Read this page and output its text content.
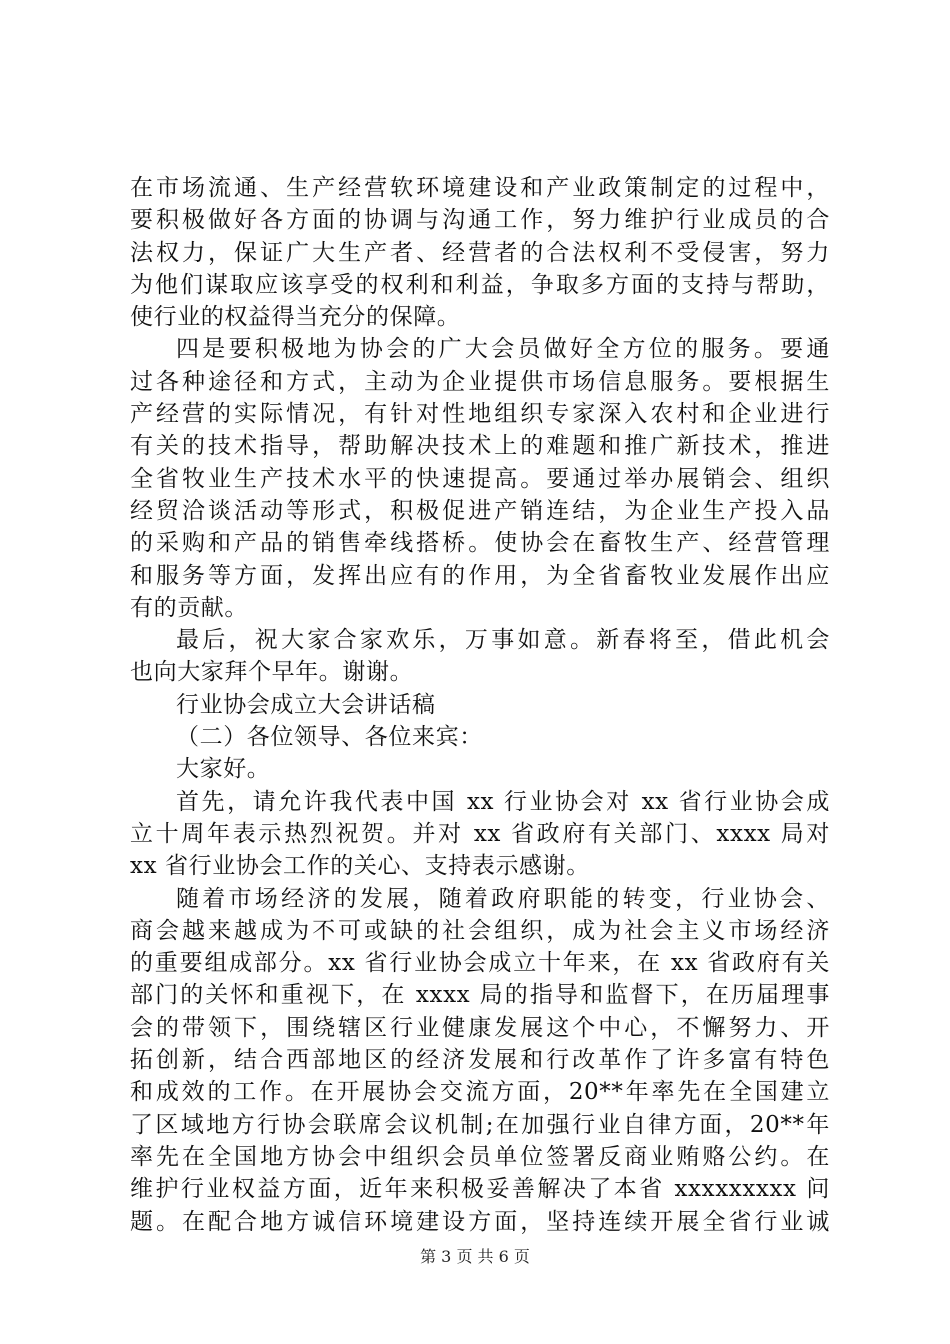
在市场流通、生产经营软环境建设和产业政策制定的过程中，
要积极做好各方面的协调与沟通工作，努力维护行业成员的合
法权力，保证广大生产者、经营者的合法权利不受侵害，努力
为他们谋取应该享受的权利和利益，争取多方面的支持与帮助，
使行业的权益得当充分的保障。
四是要积极地为协会的广大会员做好全方位的服务。要通
过各种途径和方式，主动为企业提供市场信息服务。要根据生
产经营的实际情况，有针对性地组织专家深入农村和企业进行
有关的技术指导，帮助解决技术上的难题和推广新技术，推进
全省牧业生产技术水平的快速提高。要通过举办展销会、组织
经贸洽谈活动等形式，积极促进产销连结，为企业生产投入品
的采购和产品的销售牵线搭桥。使协会在畜牧生产、经营管理
和服务等方面，发挥出应有的作用，为全省畜牧业发展作出应
有的贡献。
最后，祝大家合家欢乐，万事如意。新春将至，借此机会
也向大家拜个早年。谢谢。
行业协会成立大会讲话稿
（二）各位领导、各位来宾：
大家好。
首先，请允许我代表中国 xx 行业协会对 xx 省行业协会成
立十周年表示热烈祝贺。并对 xx 省政府有关部门、xxxx 局对
xx 省行业协会工作的关心、支持表示感谢。
随着市场经济的发展，随着政府职能的转变，行业协会、
商会越来越成为不可或缺的社会组织，成为社会主义市场经济
的重要组成部分。xx 省行业协会成立十年来，在 xx 省政府有关
部门的关怀和重视下，在 xxxx 局的指导和监督下，在历届理事
会的带领下，围绕辖区行业健康发展这个中心，不懈努力、开
拓创新，结合西部地区的经济发展和行改革作了许多富有特色
和成效的工作。在开展协会交流方面，20**年率先在全国建立
了区域地方行协会联席会议机制;在加强行业自律方面，20**年
率先在全国地方协会中组织会员单位签署反商业贿赂公约。在
维护行业权益方面，近年来积极妥善解决了本省 xxxxxxxxx 问
题。在配合地方诚信环境建设方面，坚持连续开展全省行业诚
第 3 页 共 6 页
